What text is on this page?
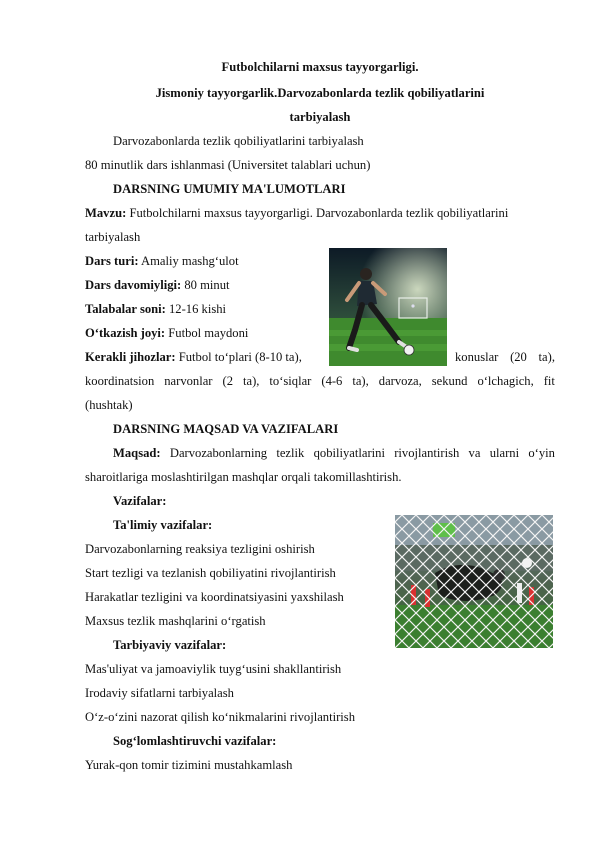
Futbolchilarni maxsus tayyorgarligi.
Jismoniy tayyorgarlik.Darvozabonlarda tezlik qobiliyatlarini
tarbiyalash
Darvozabonlarda tezlik qobiliyatlarini tarbiyalash
80 minutlik dars ishlanmasi (Universitet talablari uchun)
DARSNING UMUMIY MA'LUMOTLARI
Mavzu: Futbolchilarni maxsus tayyorgarligi. Darvozabonlarda tezlik qobiliyatlarini
tarbiyalash
Dars turi: Amaliy mashg‘ulot
Dars davomiyligi: 80 minut
Talabalar soni: 12-16 kishi
O‘tkazish joyi: Futbol maydoni
Kerakli jihozlar: Futbol to‘plari (8-10 ta),	konuslar (20 ta),
koordinatsion narvonlar (2 ta), to‘siqlar (4-6 ta), darvoza, sekund o‘lchagich, fit
(hushtak)
DARSNING MAQSAD VA VAZIFALARI
Maqsad: Darvozabonlarning tezlik qobiliyatlarini rivojlantirish va ularni o‘yin
sharoitlariga moslashtirilgan mashqlar orqali takomillashtirish.
Vazifalar:
Ta'limiy vazifalar:
Darvozabonlarning reaksiya tezligini oshirish
Start tezligi va tezlanish qobiliyatini rivojlantirish
Harakatlar tezligini va koordinatsiyasini yaxshilash
Maxsus tezlik mashqlarini o‘rgatish
Tarbiyaviy vazifalar:
Mas'uliyat va jamoaviylik tuyg‘usini shakllantirish
Irodaviy sifatlarni tarbiyalash
O‘z-o‘zini nazorat qilish ko‘nikmalarini rivojlantirish
Sog‘lomlashtiruvchi vazifalar:
Yurak-qon tomir tizimini mustahkamlash
